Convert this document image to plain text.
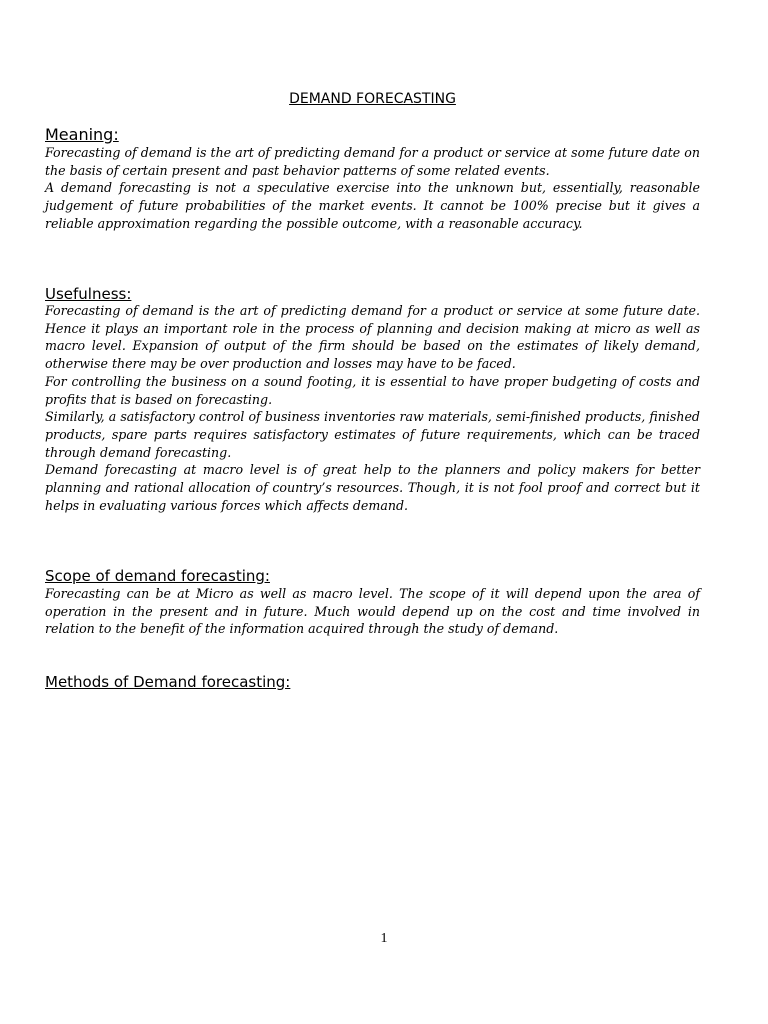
DEMAND FORECASTING
Meaning:

Forecasting of demand is the art of predicting demand for a product or service at some future date on the basis of certain present and past behavior patterns of some related events.

A demand forecasting is not a speculative exercise into the unknown but, essentially, reasonable judgement of future probabilities of the market events. It cannot be 100% precise but it gives a reliable approximation regarding the possible outcome, with a reasonable accuracy.

Usefulness:

Forecasting of demand is the art of predicting demand for a product or service at some future date. Hence it plays an important role in the process of planning and decision making at micro as well as macro level. Expansion of output of the firm should be based on the estimates of likely demand, otherwise there may be over production and losses may have to be faced.

For controlling the business on a sound footing, it is essential to have proper budgeting of costs and profits that is based on forecasting.

Similarly, a satisfactory control of business inventories raw materials, semi-finished products, finished products, spare parts requires satisfactory estimates of future requirements, which can be traced through demand forecasting.

Demand forecasting at macro level is of great help to the planners and policy makers for better planning and rational allocation of country’s resources. Though, it is not fool proof and correct but it helps in evaluating various forces which affects demand.

Scope of demand forecasting:

Forecasting can be at Micro as well as macro level. The scope of it will depend upon the area of operation in the present and in future. Much would depend up on the cost and time involved in relation to the benefit of the information acquired through the study of demand.

Methods of Demand forecasting:
1
